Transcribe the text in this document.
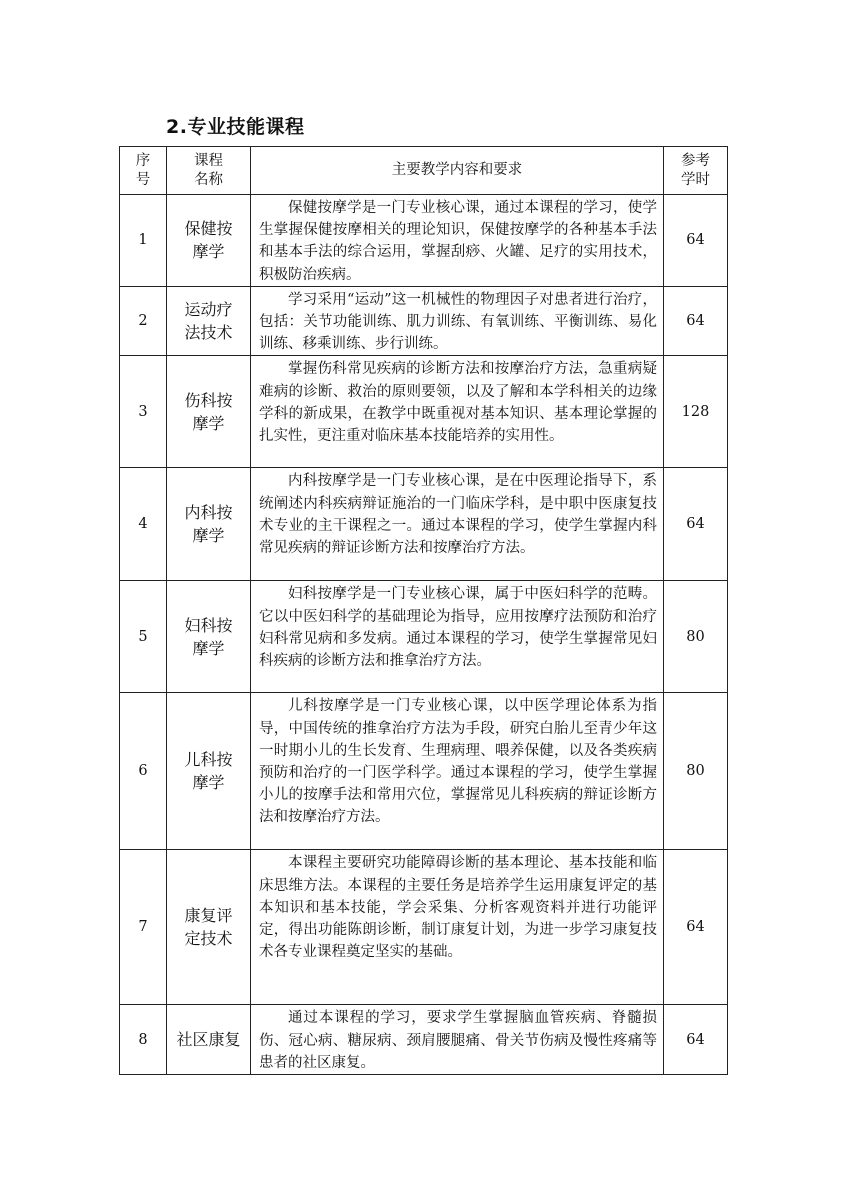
2.专业技能课程
序号	课程名称	主要教学内容和要求	参考学时
1	保健按摩学	保健按摩学是一门专业核心课，通过本课程的学习，使学生掌握保健按摩相关的理论知识，保健按摩学的各种基本手法和基本手法的综合运用，掌握刮痧、火罐、足疗的实用技术，积极防治疾病。	64
2	运动疗法技术	学习采用“运动”这一机械性的物理因子对患者进行治疗，包括：关节功能训练、肌力训练、有氧训练、平衡训练、易化训练、移乘训练、步行训练。	64
3	伤科按摩学	掌握伤科常见疾病的诊断方法和按摩治疗方法，急重病疑难病的诊断、救治的原则要领，以及了解和本学科相关的边缘学科的新成果，在教学中既重视对基本知识、基本理论掌握的扎实性，更注重对临床基本技能培养的实用性。	128
4	内科按摩学	内科按摩学是一门专业核心课，是在中医理论指导下，系统阐述内科疾病辩证施治的一门临床学科，是中职中医康复技术专业的主干课程之一。通过本课程的学习，使学生掌握内科常见疾病的辩证诊断方法和按摩治疗方法。	64
5	妇科按摩学	妇科按摩学是一门专业核心课，属于中医妇科学的范畴。它以中医妇科学的基础理论为指导，应用按摩疗法预防和治疗妇科常见病和多发病。通过本课程的学习，使学生掌握常见妇科疾病的诊断方法和推拿治疗方法。	80
6	儿科按摩学	儿科按摩学是一门专业核心课，以中医学理论体系为指导，中国传统的推拿治疗方法为手段，研究白胎儿至青少年这一时期小儿的生长发育、生理病理、喂养保健，以及各类疾病预防和治疗的一门医学科学。通过本课程的学习，使学生掌握小儿的按摩手法和常用穴位，掌握常见儿科疾病的辩证诊断方法和按摩治疗方法。	80
7	康复评定技术	本课程主要研究功能障碍诊断的基本理论、基本技能和临床思维方法。本课程的主要任务是培养学生运用康复评定的基本知识和基本技能，学会采集、分析客观资料并进行功能评定，得出功能陈朗诊断，制订康复计划，为进一步学习康复技术各专业课程奠定坚实的基础。	64
8	社区康复	通过本课程的学习，要求学生掌握脑血管疾病、脊髓损伤、冠心病、糖尿病、颈肩腰腿痛、骨关节伤病及慢性疼痛等患者的社区康复。	64
